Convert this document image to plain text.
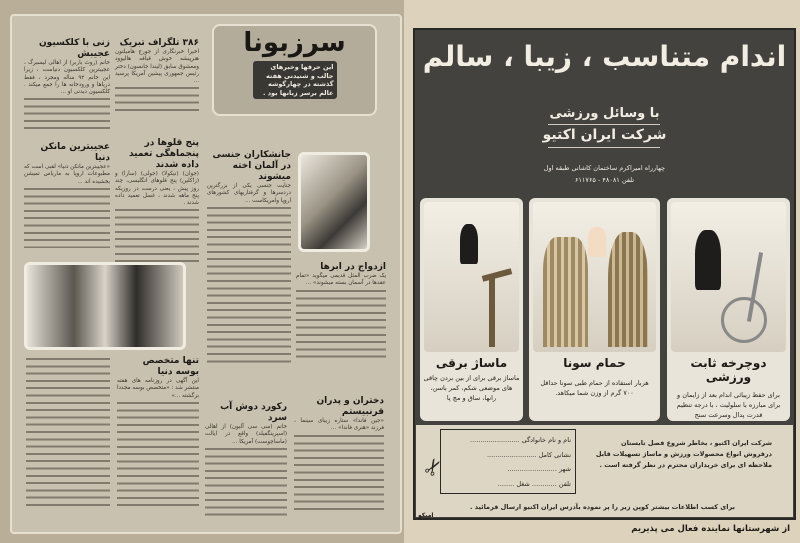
سرزبونا
این حرفها وخبرهای جالب و شنیدنی هفته گذشته در چهارگوشه عالم برسر زبانها بود .
زنی با کلکسیون عجیبش
خانم (روث باربر) از اهالی لیسبرگ ، عجیبترین کلکسیون دنیاست ، زیرا این خانم ۹۲ ساله ومجرد ، فقط دریاها و ورودخانه ها را جمع میکند . کلکسیون دیدنی او ...
۳۸۶ تلگراف تبریک
اخیرا خبرنگاری از جورج هامیلتون هنرپیشه خوش قیافه هالیوود ومعشوق سابق (لیندا جانسون) دختر رئیس جمهوری پیشین آمریکا پرسید ...
عجیبترین مانکن دنیا
«عجیبترین مانکن دنیا» لقبی است که مطبوعات اروپا به ماریاس تمیشن بخشیده اند ...
پنج قلوها در پنجماهگی تعمید داده شدند
(جوان) (نیکولا) (جولی) (سارا) و (زاکلین) پنج قلوهای انگلیسی، چند روز پیش ، یعنی درست در روزیکه پنج ماهه شدند ، غسل تعمید داده شدند .
جانشکاران جنسی در آلمان اخته میشوند
جنایت جنسی یکی از بزرگترین دردسرها و گرفتاریهای کشورهای اروپا وامریکاست ...
ازدواج در ابرها
یک ضرب المثل قدیمی میگوید «تمام عقدها در آسمان بسته میشوند» ...
تنها متخصص بوسه دنیا
این آگهی در روزنامه های هفته منتشر شد : «متخصص بوسه مجددا برگشته ...»
رکورد دوش آب سرد
خانم (سی سی آلبون) از اهالی (اسپرینگفیلد) واقع در ایالت (ماساچوست) آمریکا ...
دختران و پدران قرنبیستم
«جین فاندا» ستاره زیبای سینما ، فرزند «هنری فاندا» ...
اندام متناسب ، زیبا ، سالم
با وسائل ورزشی
شرکت ایران اکتیو
چهارراه امیراکرم ساختمان کاشانی طبقه اول
تلفن ۴۸۰۸۱ - ۶۱۱۷۶۵
ماساژ برقی
ماساژ برقی برای از بین بردن چاقی های موضعی شکم، کمر باسن، رانها، ساق و مچ پا
حمام سونا
هربار استفاده از حمام طبی سونا حداقل ۷۰۰ گرم از وزن شما میکاهد.
دوچرخه ثابت ورزشی
برای حفظ زیبائی اندام بعد از زایمان و برای مبارزه با سلولیت ، با درجه تنظیم قدرت پدال وسرعت سنج
نام و نام خانوادگی ........................
نشانی کامل ........................
شهر ........................
تلفن ............ شغل ........
✂
شرکت ایران اکتیو ، بخاطر شروع فصل تابستان درفروش انواع محصولات ورزش و ماساژ تسهیلات قابل ملاحظه ای برای خریداران محترم در نظر گرفته است .
برای کسب اطلاعات بیشتر کوپن زیر را پر نموده بآدرس ایران اکتیو ارسال فرمائید .
امیکو
از شهرستانها نماینده فعال می پذیریم
